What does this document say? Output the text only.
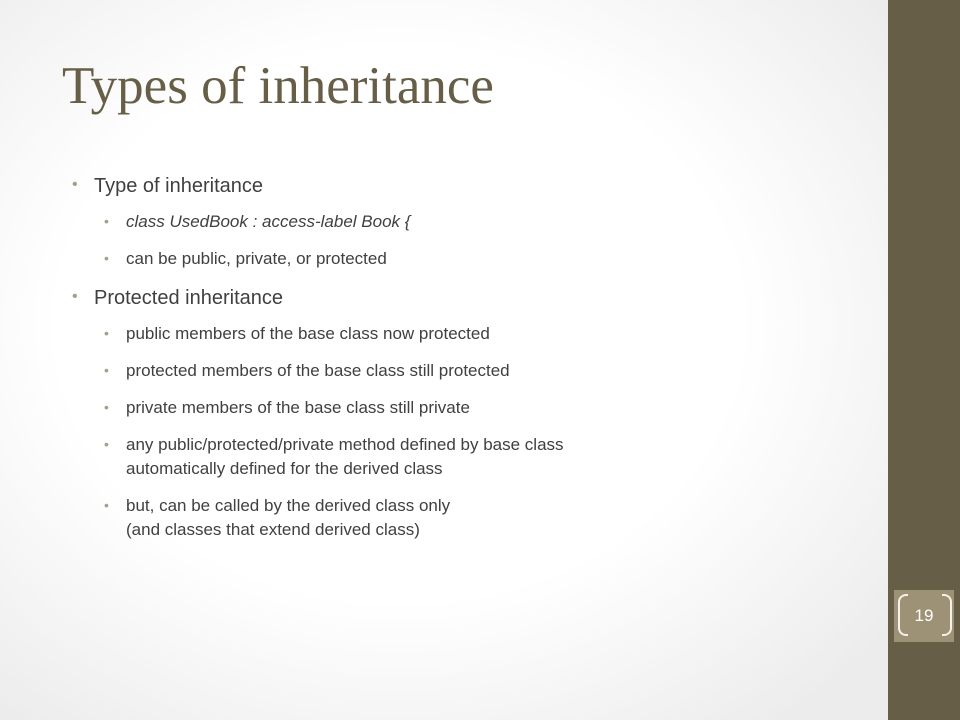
19
Types of inheritance
• Type of inheritance
• class UsedBook : access-label Book {
• can be public, private, or protected
• Protected inheritance
• public members of the base class now protected
• protected members of the base class still protected
• private members of the base class still private
• any public/protected/private method defined by base class
automatically defined for the derived class
• but, can be called by the derived class only
(and classes that extend derived class)
